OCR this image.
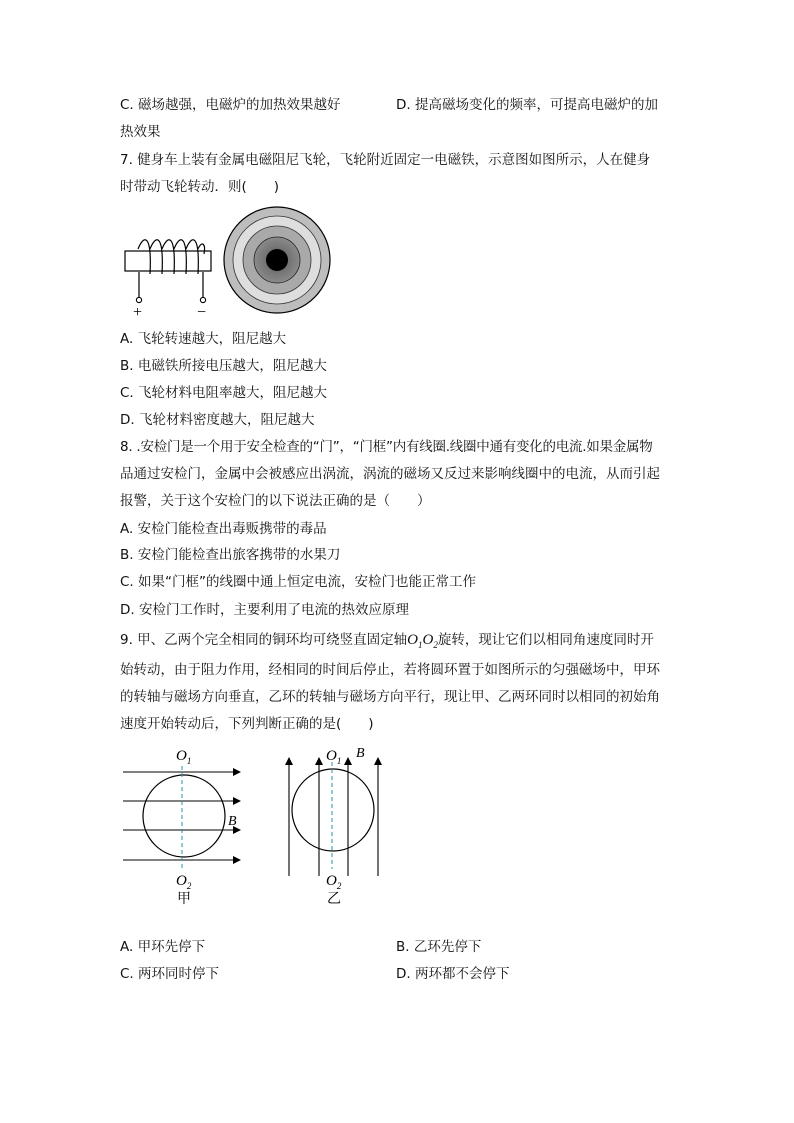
C. 磁场越强，电磁炉的加热效果越好	D. 提高磁场变化的频率，可提高电磁炉的加
热效果
7. 健身车上装有金属电磁阻尼飞轮，飞轮附近固定一电磁铁，示意图如图所示，人在健身
时带动飞轮转动．则(　　)
+	−
A. 飞轮转速越大，阻尼越大
B. 电磁铁所接电压越大，阻尼越大
C. 飞轮材料电阻率越大，阻尼越大
D. 飞轮材料密度越大，阻尼越大
8. .安检门是一个用于安全检查的“门”，“门框”内有线圈.线圈中通有变化的电流.如果金属物
品通过安检门，金属中会被感应出涡流，涡流的磁场又反过来影响线圈中的电流，从而引起
报警，关于这个安检门的以下说法正确的是（　　）
A. 安检门能检查出毒贩携带的毒品
B. 安检门能检查出旅客携带的水果刀
C. 如果“门框”的线圈中通上恒定电流，安检门也能正常工作
D. 安检门工作时，主要利用了电流的热效应原理
9. 甲、乙两个完全相同的铜环均可绕竖直固定轴$O_1O_2$旋转，现让它们以相同角速度同时开
始转动，由于阻力作用，经相同的时间后停止，若将圆环置于如图所示的匀强磁场中，甲环
的转轴与磁场方向垂直，乙环的转轴与磁场方向平行，现让甲、乙两环同时以相同的初始角
速度开始转动后，下列判断正确的是(　　)
$O_1$
B
$O_2$
甲
$O_1$ B
$O_2$
乙
A. 甲环先停下	B. 乙环先停下
C. 两环同时停下	D. 两环都不会停下
